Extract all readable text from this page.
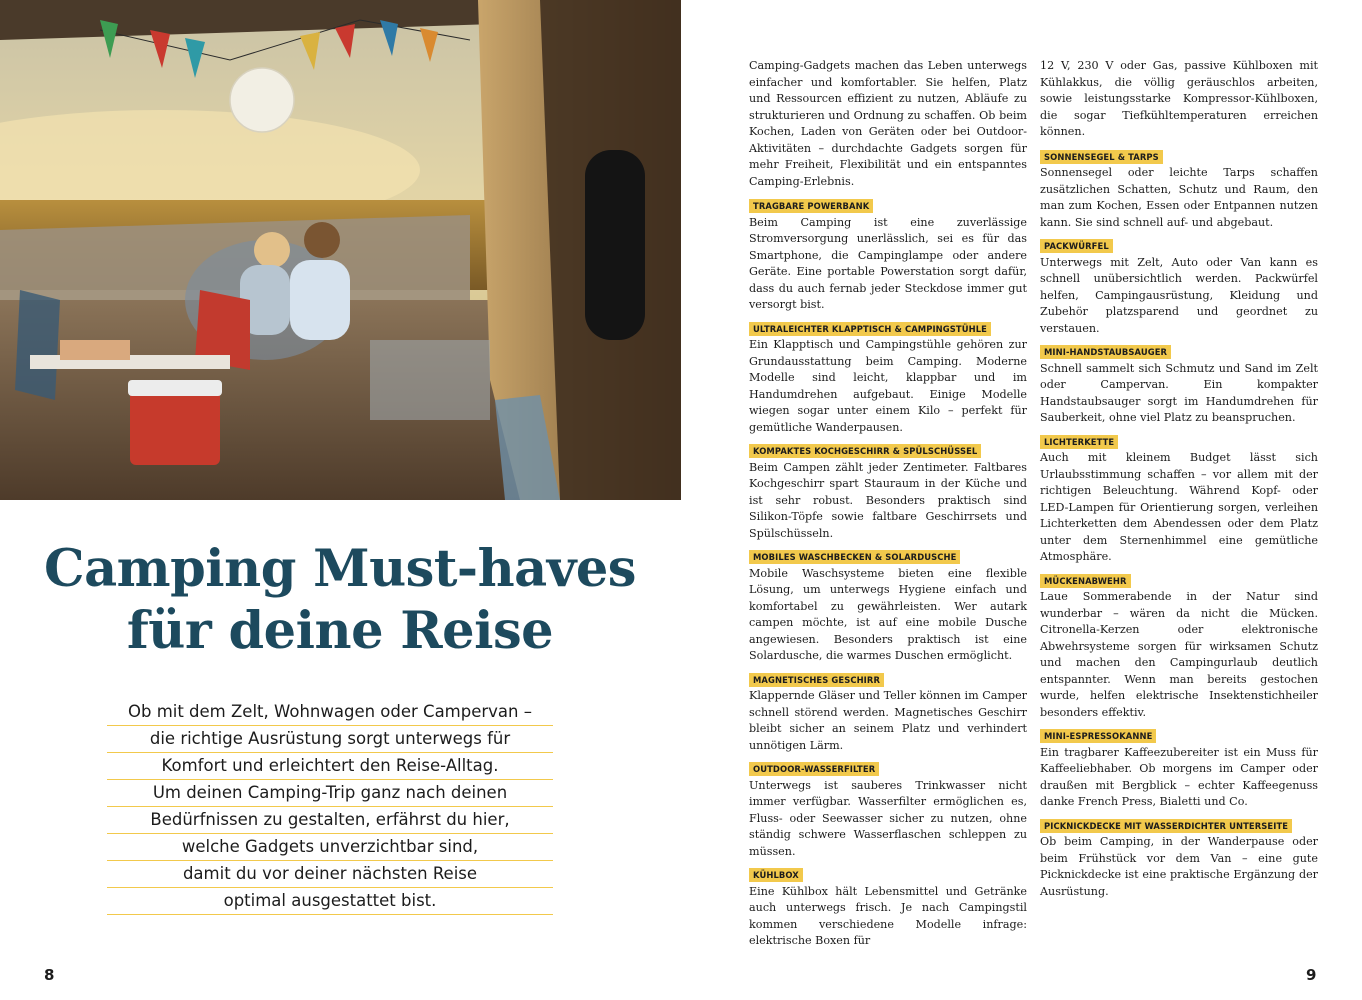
Camping Must-haves
für deine Reise
Ob mit dem Zelt, Wohnwagen oder Campervan –
die richtige Ausrüstung sorgt unterwegs für
Komfort und erleichtert den Reise-Alltag.
Um deinen Camping-Trip ganz nach deinen
Bedürfnissen zu gestalten, erfährst du hier,
welche Gadgets unverzichtbar sind,
damit du vor deiner nächsten Reise
optimal ausgestattet bist.
8	9

Camping-Gadgets machen das Leben unterwegs einfacher und komfortabler. Sie helfen, Platz und Ressourcen effizient zu nutzen, Abläufe zu strukturieren und Ordnung zu schaffen. Ob beim Kochen, Laden von Geräten oder bei Outdoor-Aktivitäten – durchdachte Gadgets sorgen für mehr Freiheit, Flexibilität und ein entspanntes Camping-Erlebnis.

TRAGBARE POWERBANK

Beim Camping ist eine zuverlässige Stromversorgung unerlässlich, sei es für das Smartphone, die Campinglampe oder andere Geräte. Eine portable Powerstation sorgt dafür, dass du auch fernab jeder Steckdose immer gut versorgt bist.

ULTRALEICHTER KLAPPTISCH & CAMPINGSTÜHLE

Ein Klapptisch und Campingstühle gehören zur Grundausstattung beim Camping. Moderne Modelle sind leicht, klappbar und im Handumdrehen aufgebaut. Einige Modelle wiegen sogar unter einem Kilo – perfekt für gemütliche Wanderpausen.

KOMPAKTES KOCHGESCHIRR & SPÜLSCHÜSSEL

Beim Campen zählt jeder Zentimeter. Faltbares Kochgeschirr spart Stauraum in der Küche und ist sehr robust. Besonders praktisch sind Silikon-Töpfe sowie faltbare Geschirrsets und Spülschüsseln.

MOBILES WASCHBECKEN & SOLARDUSCHE

Mobile Waschsysteme bieten eine flexible Lösung, um unterwegs Hygiene einfach und komfortabel zu gewährleisten. Wer autark campen möchte, ist auf eine mobile Dusche angewiesen. Besonders praktisch ist eine Solardusche, die warmes Duschen ermöglicht.

MAGNETISCHES GESCHIRR

Klappernde Gläser und Teller können im Camper schnell störend werden. Magnetisches Geschirr bleibt sicher an seinem Platz und verhindert unnötigen Lärm.

OUTDOOR-WASSERFILTER

Unterwegs ist sauberes Trinkwasser nicht immer verfügbar. Wasserfilter ermöglichen es, Fluss- oder Seewasser sicher zu nutzen, ohne ständig schwere Wasserflaschen schleppen zu müssen.

KÜHLBOX

Eine Kühlbox hält Lebensmittel und Getränke auch unterwegs frisch. Je nach Campingstil kommen verschiedene Modelle infrage: elektrische Boxen für

12 V, 230 V oder Gas, passive Kühlboxen mit Kühlakkus, die völlig geräuschlos arbeiten, sowie leistungsstarke Kompressor-Kühlboxen, die sogar Tiefkühltemperaturen erreichen können.

SONNENSEGEL & TARPS

Sonnensegel oder leichte Tarps schaffen zusätzlichen Schatten, Schutz und Raum, den man zum Kochen, Essen oder Entpannen nutzen kann. Sie sind schnell auf- und abgebaut.

PACKWÜRFEL

Unterwegs mit Zelt, Auto oder Van kann es schnell unübersichtlich werden. Packwürfel helfen, Campingausrüstung, Kleidung und Zubehör platzsparend und geordnet zu verstauen.

MINI-HANDSTAUBSAUGER

Schnell sammelt sich Schmutz und Sand im Zelt oder Campervan. Ein kompakter Handstaubsauger sorgt im Handumdrehen für Sauberkeit, ohne viel Platz zu beanspruchen.

LICHTERKETTE

Auch mit kleinem Budget lässt sich Urlaubsstimmung schaffen – vor allem mit der richtigen Beleuchtung. Während Kopf- oder LED-Lampen für Orientierung sorgen, verleihen Lichterketten dem Abendessen oder dem Platz unter dem Sternenhimmel eine gemütliche Atmosphäre.

MÜCKENABWEHR

Laue Sommerabende in der Natur sind wunderbar – wären da nicht die Mücken. Citronella-Kerzen oder elektronische Abwehrsysteme sorgen für wirksamen Schutz und machen den Campingurlaub deutlich entspannter. Wenn man bereits gestochen wurde, helfen elektrische Insektenstichheiler besonders effektiv.

MINI-ESPRESSOKANNE

Ein tragbarer Kaffeezubereiter ist ein Muss für Kaffeeliebhaber. Ob morgens im Camper oder draußen mit Bergblick – echter Kaffeegenuss danke French Press, Bialetti und Co.

PICKNICKDECKE MIT WASSERDICHTER UNTERSEITE

Ob beim Camping, in der Wanderpause oder beim Frühstück vor dem Van – eine gute Picknickdecke ist eine praktische Ergänzung der Ausrüstung.
